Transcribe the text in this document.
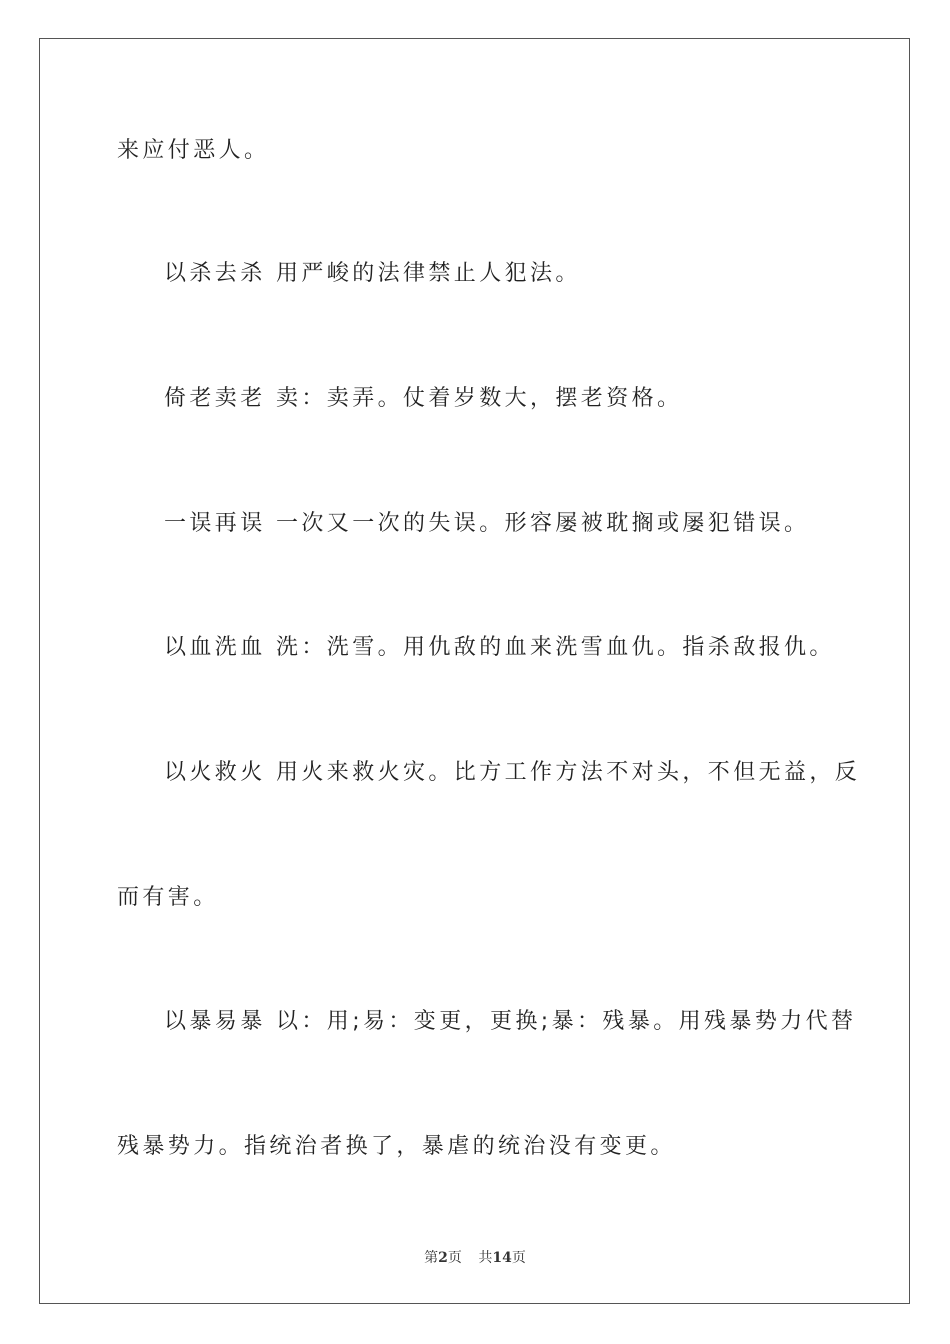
来应付恶人。
以杀去杀 用严峻的法律禁止人犯法。
倚老卖老 卖：卖弄。仗着岁数大，摆老资格。
一误再误 一次又一次的失误。形容屡被耽搁或屡犯错误。
以血洗血 洗：洗雪。用仇敌的血来洗雪血仇。指杀敌报仇。
以火救火 用火来救火灾。比方工作方法不对头，不但无益，反
而有害。
以暴易暴 以：用;易：变更，更换;暴：残暴。用残暴势力代替
残暴势力。指统治者换了，暴虐的统治没有变更。
第2页 共14页
